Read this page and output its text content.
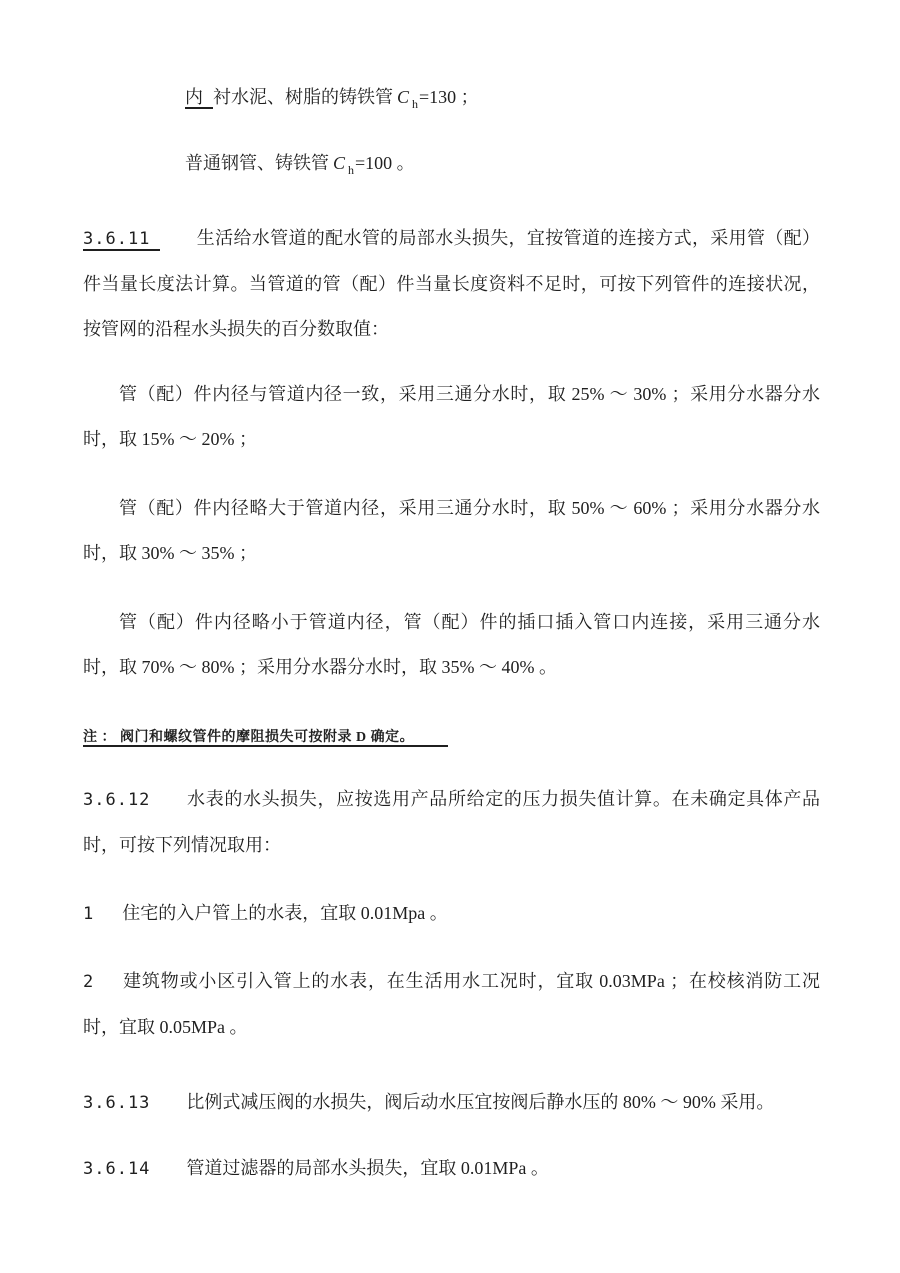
内 衬水泥、树脂的铸铁管 C $_h$=130 ；

普通钢管、铸铁管 C $_h$=100 。

3.6.11	生活给水管道的配水管的局部水头损失，宜按管道的连接方式，采用管（配）件当量长度法计算。当管道的管（配）件当量长度资料不足时，可按下列管件的连接状况，按管网的沿程水头损失的百分数取值：

管（配）件内径与管道内径一致，采用三通分水时，取 25% ～ 30% ；采用分水器分水时，取 15% ～ 20% ；

管（配）件内径略大于管道内径，采用三通分水时，取 50% ～ 60% ；采用分水器分水时，取 30% ～ 35% ；

管（配）件内径略小于管道内径，管（配）件的插口插入管口内连接，采用三通分水时，取 70% ～ 80% ；采用分水器分水时，取 35% ～ 40% 。

注 ： 阀门和螺纹管件的摩阻损失可按附录 D 确定。

3.6.12 水表的水头损失，应按选用产品所给定的压力损失值计算。在未确定具体产品时，可按下列情况取用：

1 住宅的入户管上的水表，宜取 0.01Mpa 。

2 建筑物或小区引入管上的水表，在生活用水工况时，宜取 0.03MPa ；在校核消防工况时，宜取 0.05MPa 。

3.6.13 比例式减压阀的水损失，阀后动水压宜按阀后静水压的 80% ～ 90% 采用。

3.6.14 管道过滤器的局部水头损失，宜取 0.01MPa 。
